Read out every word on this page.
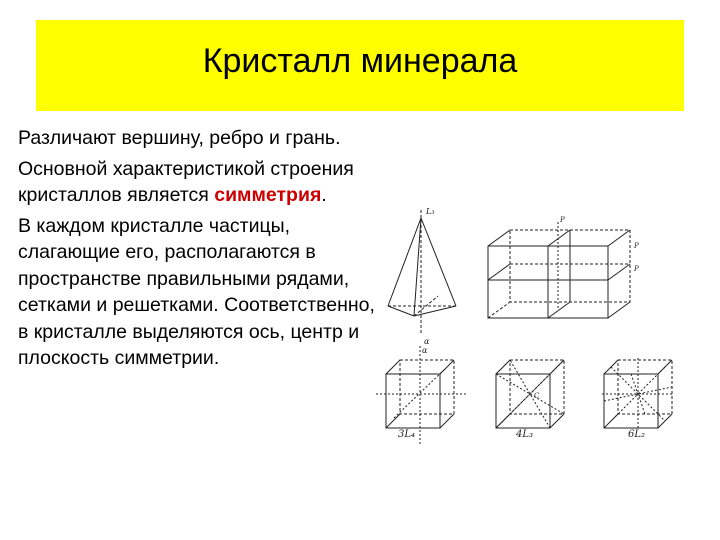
Кристалл минерала

Различают вершину, ребро и грань.

Основной характеристикой строения кристаллов является симметрия.

В каждом кристалле частицы, слагающие его, располагаются в пространстве правильными рядами, сетками и решетками. Соответственно, в кристалле выделяются ось, центр и плоскость симметрии.

L₃
α
P
P
P
α
3L₄
C
4L₃	6L₂
